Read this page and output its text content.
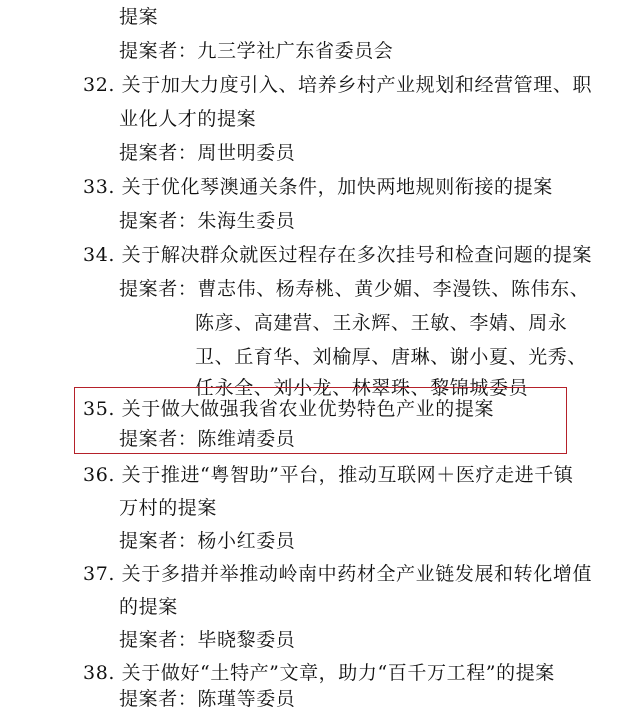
提案
提案者：九三学社广东省委员会
32. 关于加大力度引入、培养乡村产业规划和经营管理、职
业化人才的提案
提案者：周世明委员
33. 关于优化琴澳通关条件，加快两地规则衔接的提案
提案者：朱海生委员
34. 关于解决群众就医过程存在多次挂号和检查问题的提案
提案者：曹志伟、杨寿桃、黄少媚、李漫铁、陈伟东、
陈彦、高建营、王永辉、王敏、李婧、周永
卫、丘育华、刘榆厚、唐琳、谢小夏、光秀、
任永全、刘小龙、林翠珠、黎锦城委员
35. 关于做大做强我省农业优势特色产业的提案
提案者：陈维靖委员
36. 关于推进“粤智助”平台，推动互联网＋医疗走进千镇
万村的提案
提案者：杨小红委员
37. 关于多措并举推动岭南中药材全产业链发展和转化增值
的提案
提案者：毕晓黎委员
38. 关于做好“土特产”文章，助力“百千万工程”的提案
提案者：陈瑾等委员
